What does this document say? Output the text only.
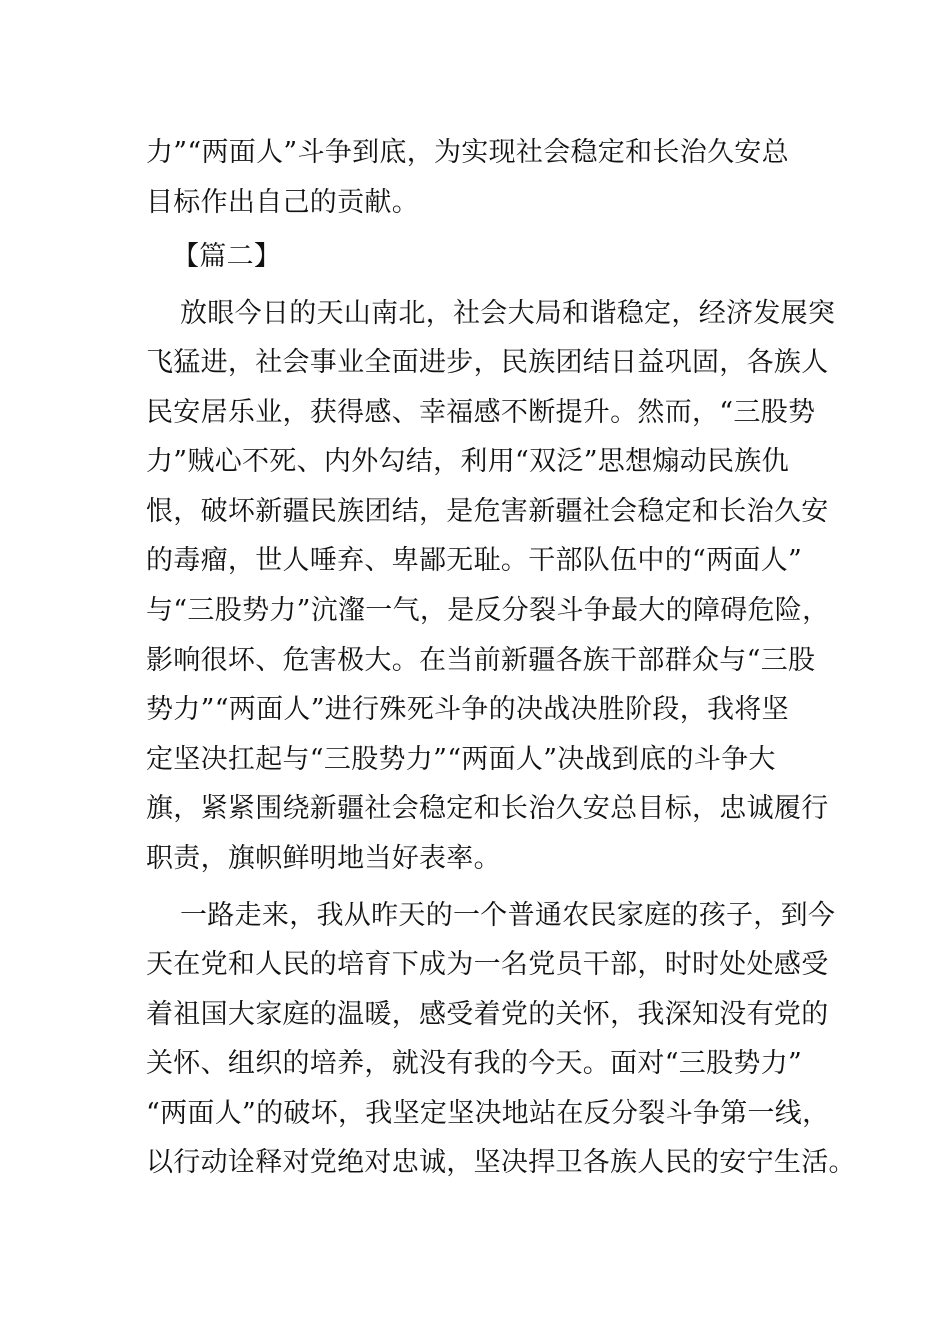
力”“两面人”斗争到底，为实现社会稳定和长治久安总
目标作出自己的贡献。
【篇二】
放眼今日的天山南北，社会大局和谐稳定，经济发展突
飞猛进，社会事业全面进步，民族团结日益巩固，各族人
民安居乐业，获得感、幸福感不断提升。然而，“三股势
力”贼心不死、内外勾结，利用“双泛”思想煽动民族仇
恨，破坏新疆民族团结，是危害新疆社会稳定和长治久安
的毒瘤，世人唾弃、卑鄙无耻。干部队伍中的“两面人”
与“三股势力”沆瀣一气，是反分裂斗争最大的障碍危险，
影响很坏、危害极大。在当前新疆各族干部群众与“三股
势力”“两面人”进行殊死斗争的决战决胜阶段，我将坚
定坚决扛起与“三股势力”“两面人”决战到底的斗争大
旗，紧紧围绕新疆社会稳定和长治久安总目标，忠诚履行
职责，旗帜鲜明地当好表率。
一路走来，我从昨天的一个普通农民家庭的孩子，到今
天在党和人民的培育下成为一名党员干部，时时处处感受
着祖国大家庭的温暖，感受着党的关怀，我深知没有党的
关怀、组织的培养，就没有我的今天。面对“三股势力”
“两面人”的破坏，我坚定坚决地站在反分裂斗争第一线，
以行动诠释对党绝对忠诚，坚决捍卫各族人民的安宁生活。
